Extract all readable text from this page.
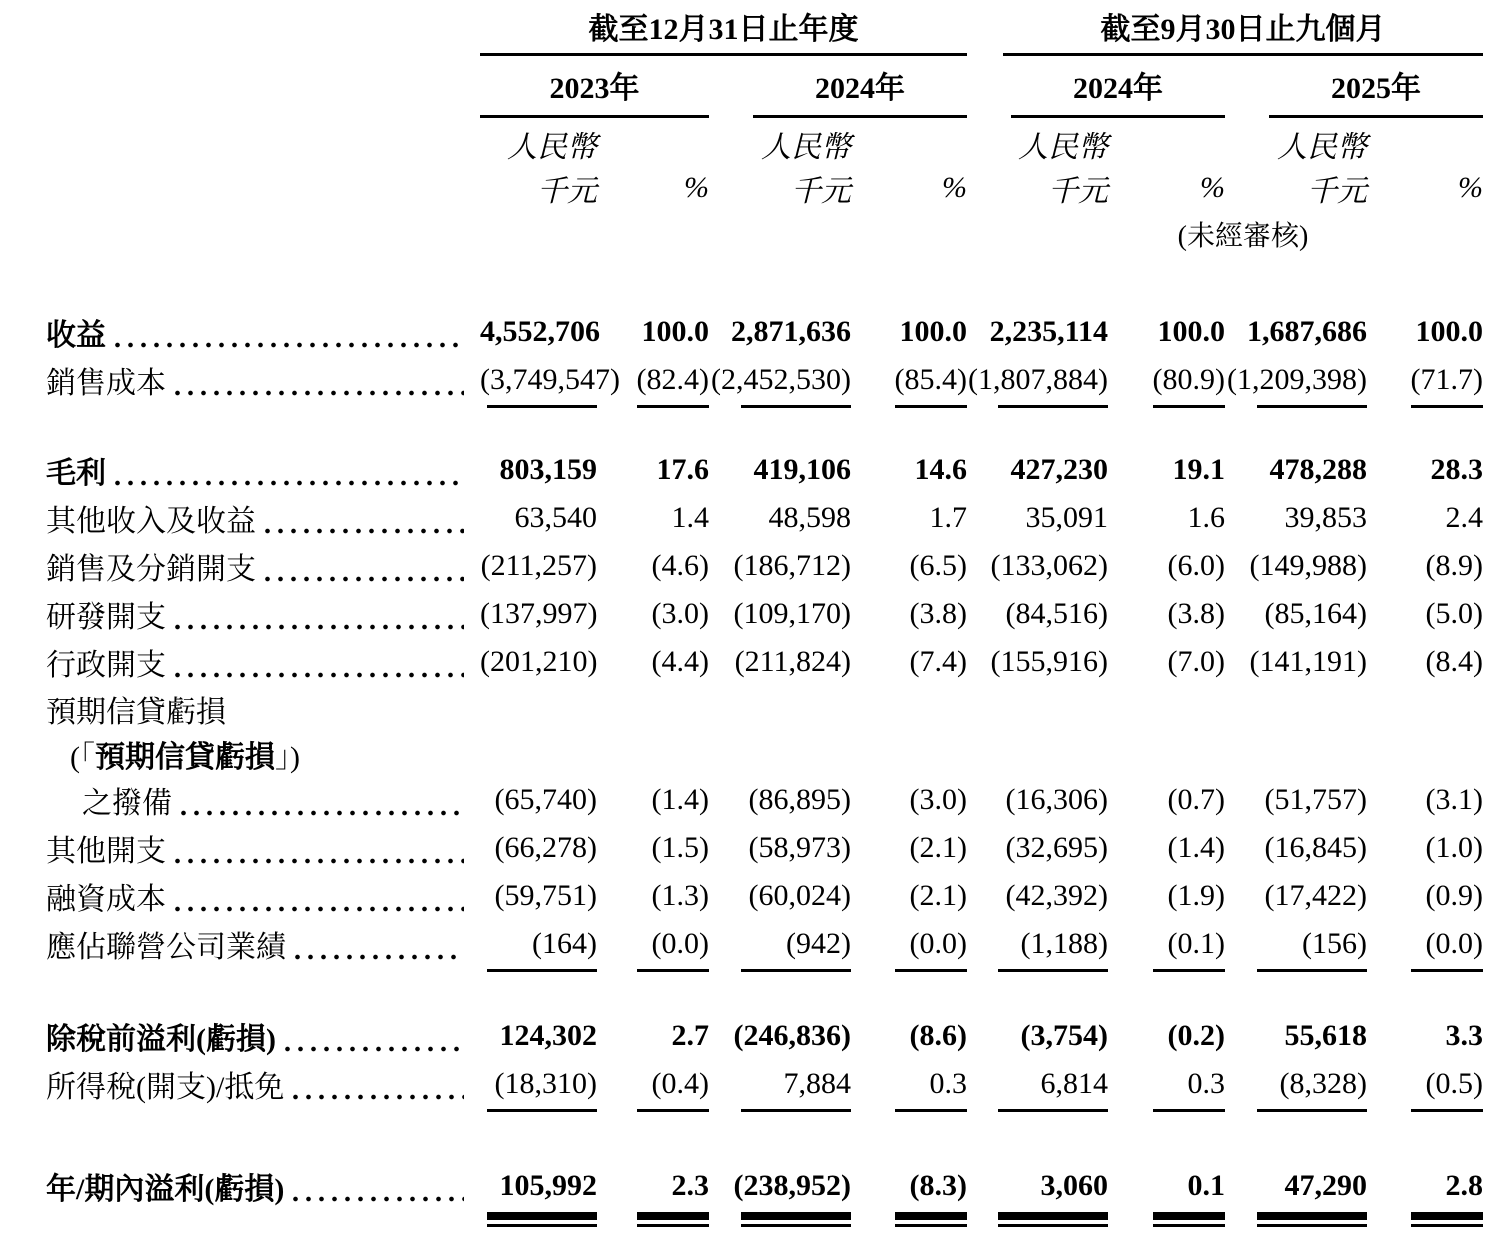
	截至12月31日止年度				截至9月30日止九個月			

	2023年		2024年		2024年		2025年	

	人民幣		人民幣		人民幣		人民幣	
	千元	%	千元	%	千元	%	千元	%

					(未經審核)			

收益	4,552,706	100.0	2,871,636	100.0	2,235,114	100.0	1,687,686	100.0

銷售成本	(3,749,547)	(82.4)	(2,452,530)	(85.4)	(1,807,884)	(80.9)	(1,209,398)	(71.7)

毛利	803,159	17.6	419,106	14.6	427,230	19.1	478,288	28.3

其他收入及收益	63,540	1.4	48,598	1.7	35,091	1.6	39,853	2.4

銷售及分銷開支	(211,257)	(4.6)	(186,712)	(6.5)	(133,062)	(6.0)	(149,988)	(8.9)

研發開支	(137,997)	(3.0)	(109,170)	(3.8)	(84,516)	(3.8)	(85,164)	(5.0)

行政開支	(201,210)	(4.4)	(211,824)	(7.4)	(155,916)	(7.0)	(141,191)	(8.4)

預期信貸虧損								

(「預期信貸虧損」)								

之撥備	(65,740)	(1.4)	(86,895)	(3.0)	(16,306)	(0.7)	(51,757)	(3.1)

其他開支	(66,278)	(1.5)	(58,973)	(2.1)	(32,695)	(1.4)	(16,845)	(1.0)

融資成本	(59,751)	(1.3)	(60,024)	(2.1)	(42,392)	(1.9)	(17,422)	(0.9)

應佔聯營公司業績	(164)	(0.0)	(942)	(0.0)	(1,188)	(0.1)	(156)	(0.0)

除稅前溢利(虧損)	124,302	2.7	(246,836)	(8.6)	(3,754)	(0.2)	55,618	3.3

所得稅(開支)/抵免	(18,310)	(0.4)	7,884	0.3	6,814	0.3	(8,328)	(0.5)

年/期內溢利(虧損)	105,992	2.3	(238,952)	(8.3)	3,060	0.1	47,290	2.8
